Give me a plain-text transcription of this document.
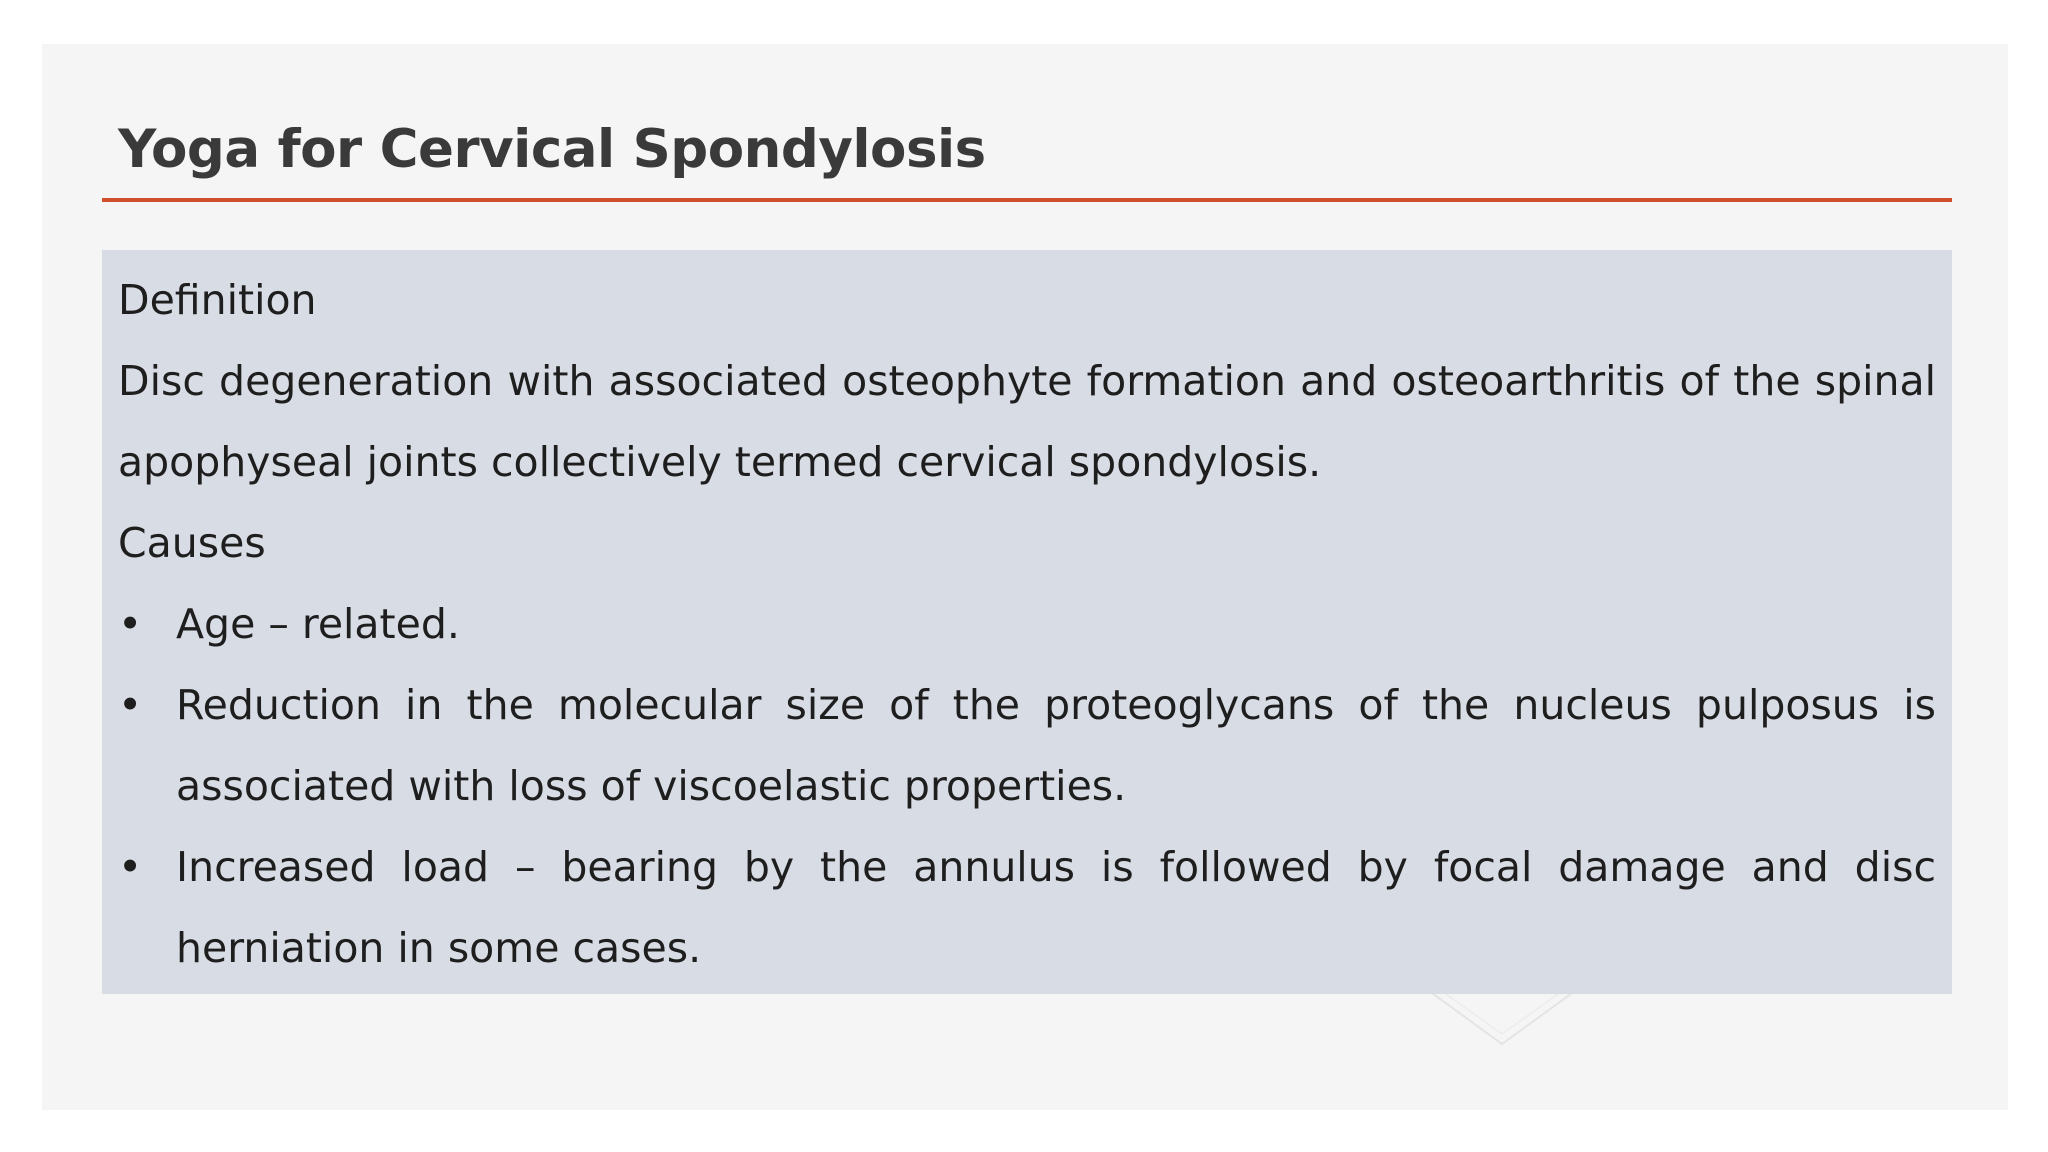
Yoga for Cervical Spondylosis

Definition

Disc degeneration with associated osteophyte formation and osteoarthritis of the spinal apophyseal joints collectively termed cervical spondylosis.

Causes

• Age – related.
• Reduction in the molecular size of the proteoglycans of the nucleus pulposus is associated with loss of viscoelastic properties.
• Increased load – bearing by the annulus is followed by focal damage and disc herniation in some cases.
